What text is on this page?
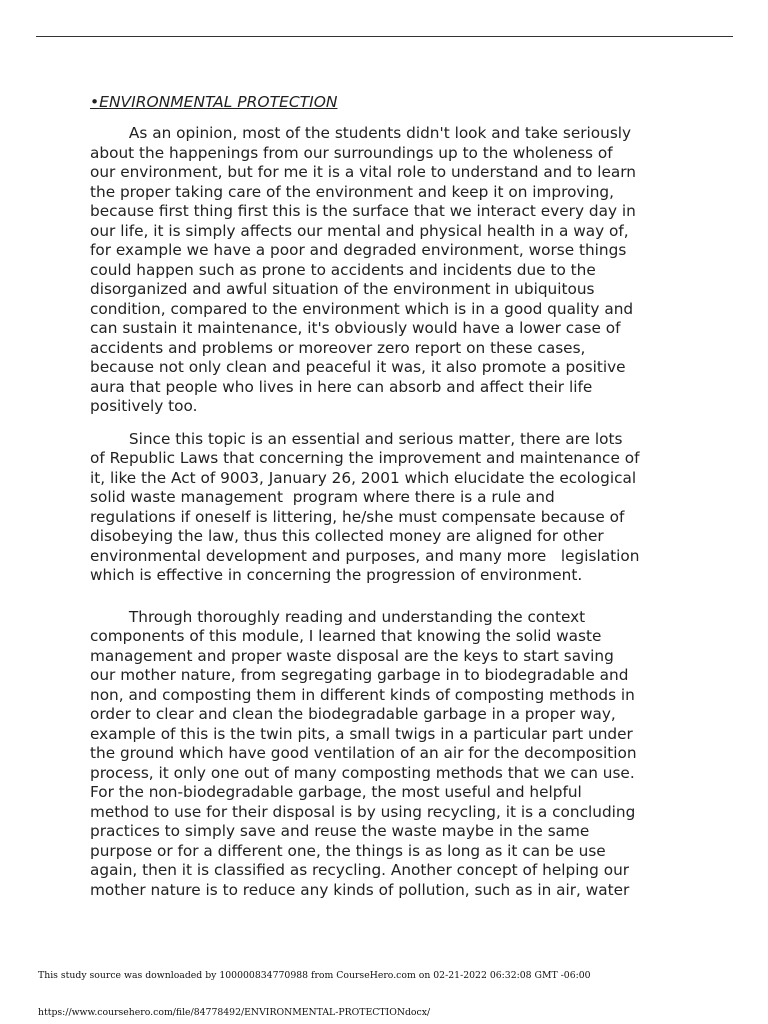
•ENVIRONMENTAL PROTECTION
As an opinion, most of the students didn't look and take seriously
about the happenings from our surroundings up to the wholeness of
our environment, but for me it is a vital role to understand and to learn
the proper taking care of the environment and keep it on improving,
because first thing first this is the surface that we interact every day in
our life, it is simply affects our mental and physical health in a way of,
for example we have a poor and degraded environment, worse things
could happen such as prone to accidents and incidents due to the
disorganized and awful situation of the environment in ubiquitous
condition, compared to the environment which is in a good quality and
can sustain it maintenance, it's obviously would have a lower case of
accidents and problems or moreover zero report on these cases,
because not only clean and peaceful it was, it also promote a positive
aura that people who lives in here can absorb and affect their life
positively too.
Since this topic is an essential and serious matter, there are lots
of Republic Laws that concerning the improvement and maintenance of
it, like the Act of 9003, January 26, 2001 which elucidate the ecological
solid waste management  program where there is a rule and
regulations if oneself is littering, he/she must compensate because of
disobeying the law, thus this collected money are aligned for other
environmental development and purposes, and many more   legislation
which is effective in concerning the progression of environment.
Through thoroughly reading and understanding the context
components of this module, I learned that knowing the solid waste
management and proper waste disposal are the keys to start saving
our mother nature, from segregating garbage in to biodegradable and
non, and composting them in different kinds of composting methods in
order to clear and clean the biodegradable garbage in a proper way,
example of this is the twin pits, a small twigs in a particular part under
the ground which have good ventilation of an air for the decomposition
process, it only one out of many composting methods that we can use.
For the non-biodegradable garbage, the most useful and helpful
method to use for their disposal is by using recycling, it is a concluding
practices to simply save and reuse the waste maybe in the same
purpose or for a different one, the things is as long as it can be use
again, then it is classified as recycling. Another concept of helping our
mother nature is to reduce any kinds of pollution, such as in air, water
This study source was downloaded by 100000834770988 from CourseHero.com on 02-21-2022 06:32:08 GMT -06:00
https://www.coursehero.com/file/84778492/ENVIRONMENTAL-PROTECTIONdocx/
